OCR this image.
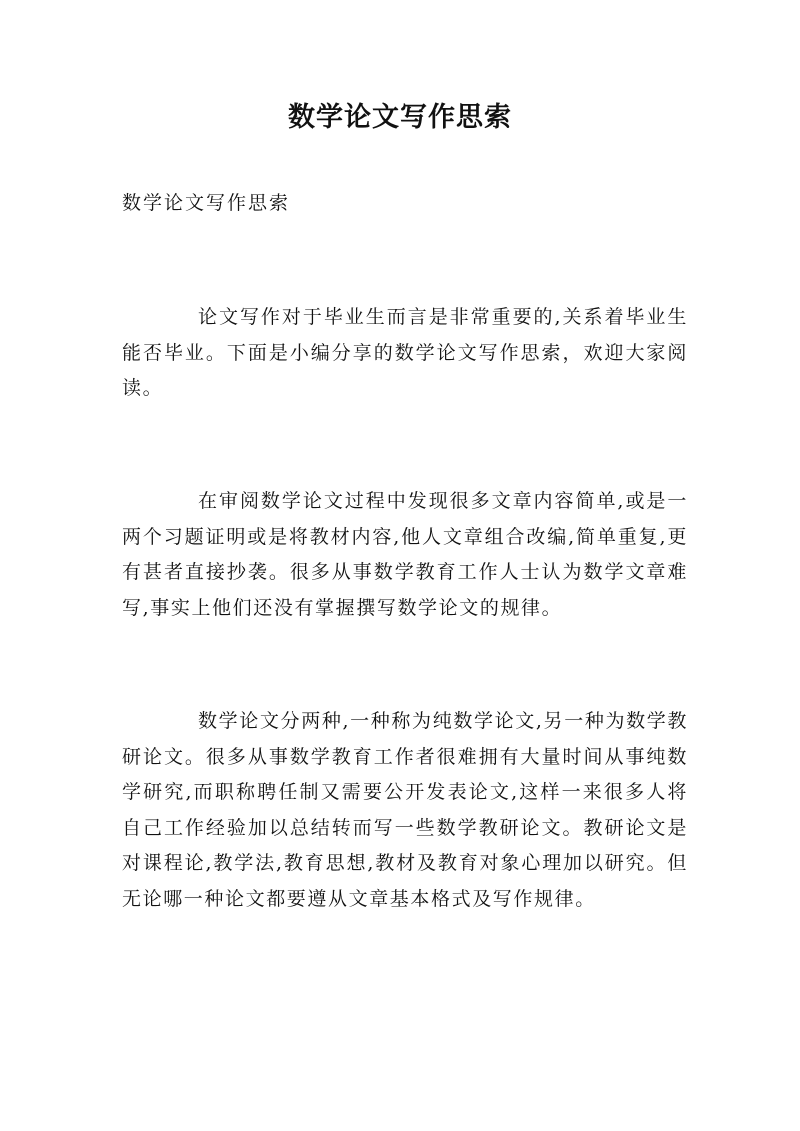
数学论文写作思索

数学论文写作思索

论文写作对于毕业生而言是非常重要的,关系着毕业生能否毕业。下面是小编分享的数学论文写作思索，欢迎大家阅读。

在审阅数学论文过程中发现很多文章内容简单,或是一两个习题证明或是将教材内容,他人文章组合改编,简单重复,更有甚者直接抄袭。很多从事数学教育工作人士认为数学文章难写,事实上他们还没有掌握撰写数学论文的规律。

数学论文分两种,一种称为纯数学论文,另一种为数学教研论文。很多从事数学教育工作者很难拥有大量时间从事纯数学研究,而职称聘任制又需要公开发表论文,这样一来很多人将自己工作经验加以总结转而写一些数学教研论文。教研论文是对课程论,教学法,教育思想,教材及教育对象心理加以研究。但无论哪一种论文都要遵从文章基本格式及写作规律。
